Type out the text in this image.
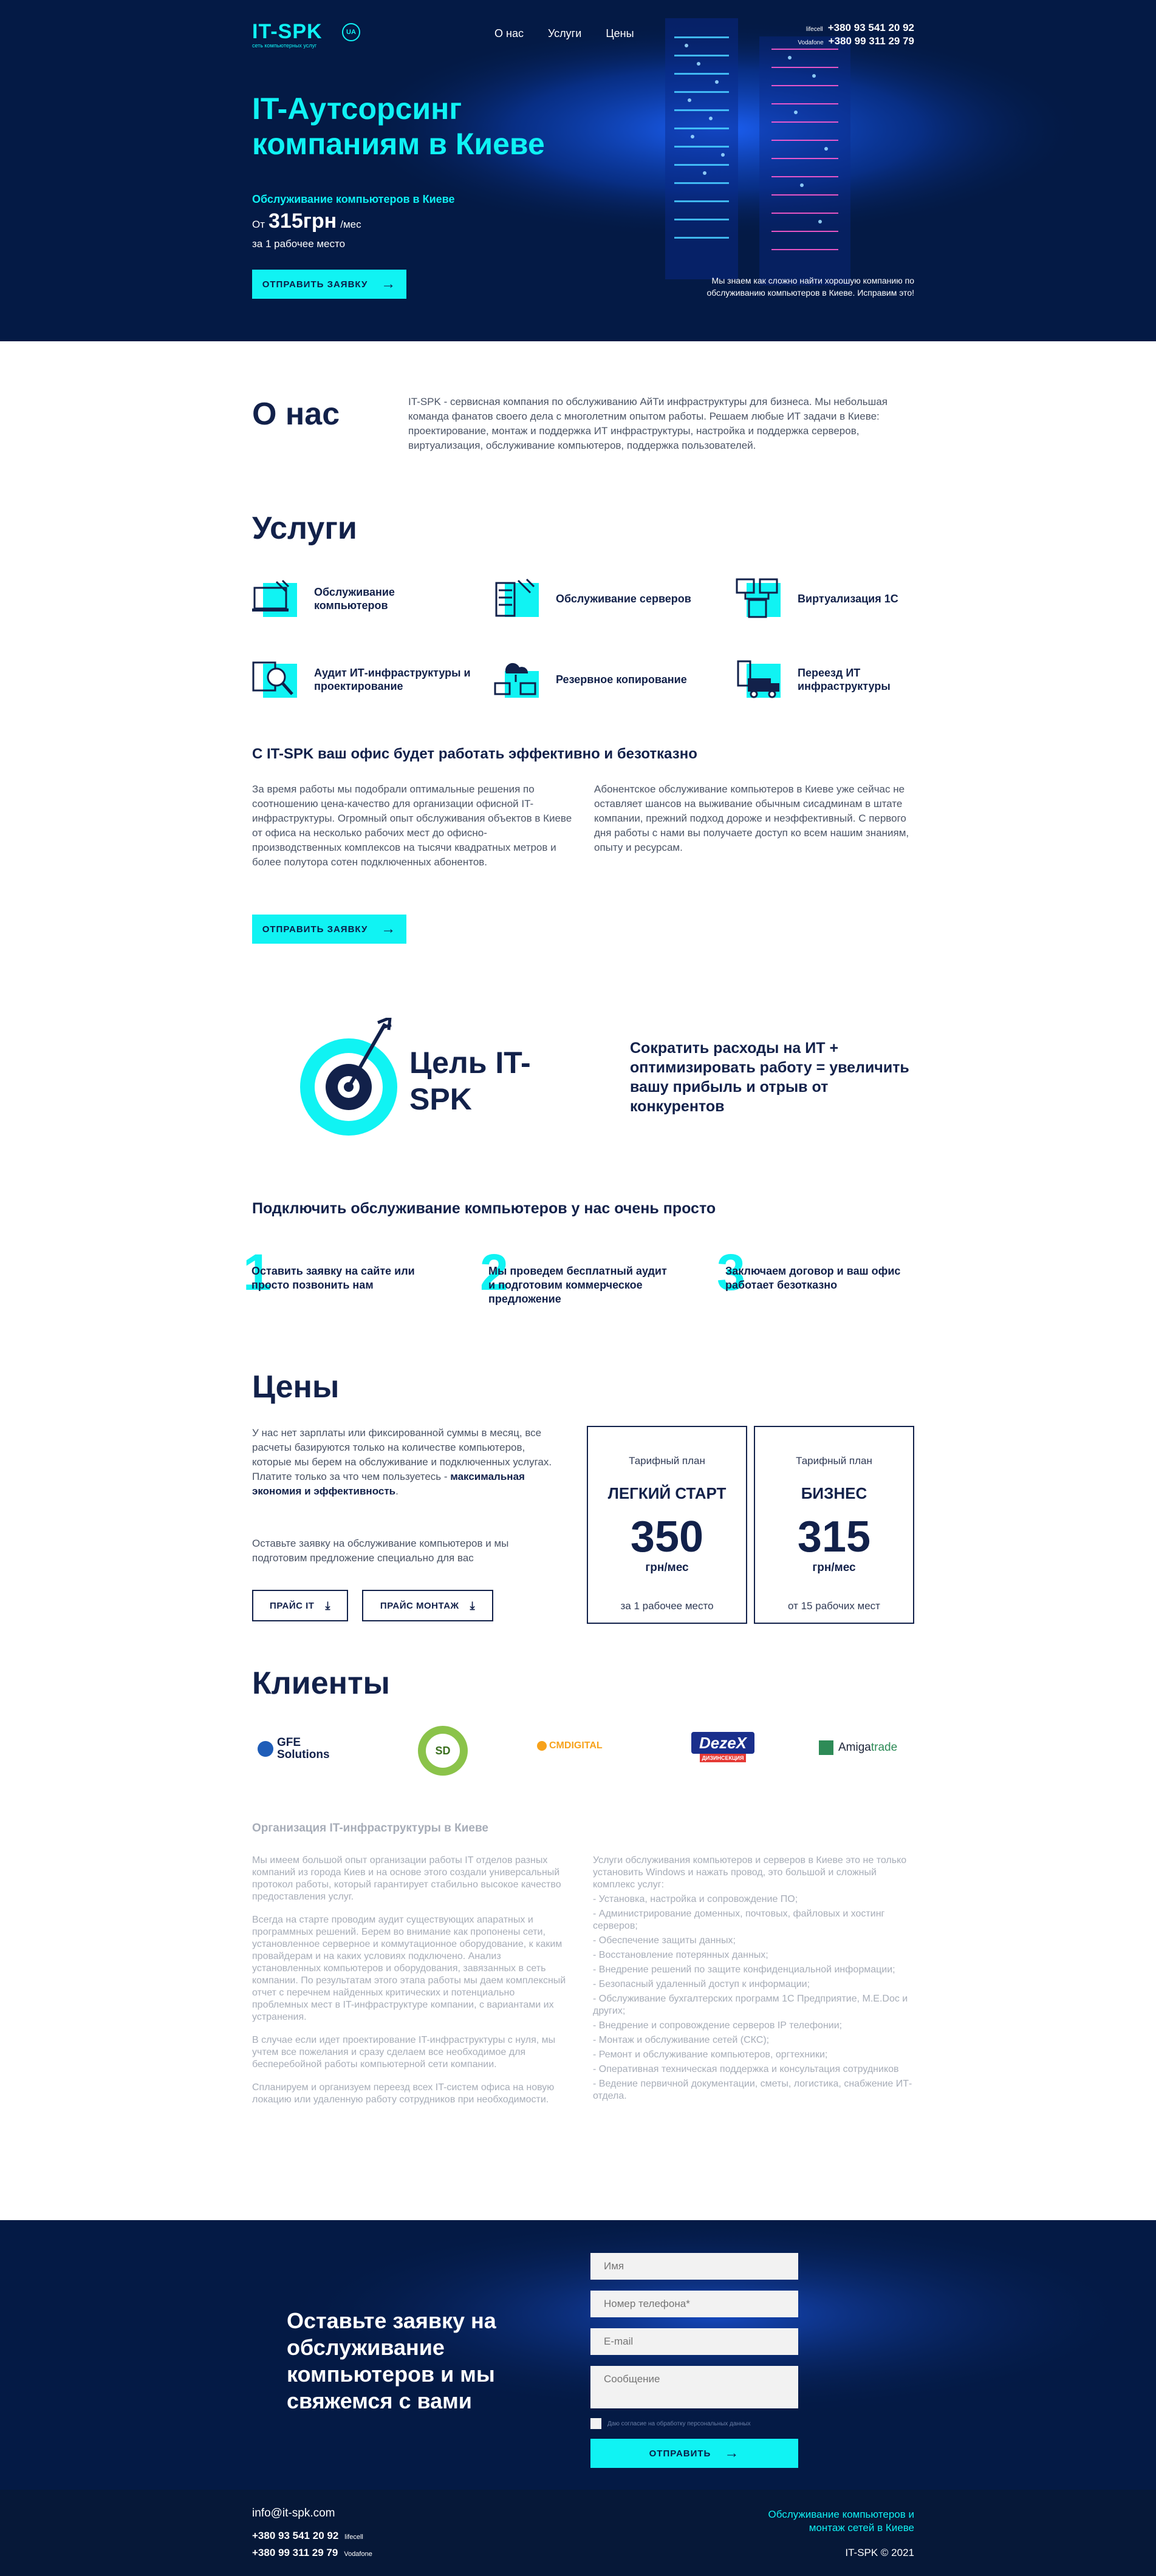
IT-SPK
сеть компьютерных услуг
UA	О нас Услуги Цены	lifecell +380 93 541 20 92
Vodafone +380 99 311 29 79
IT-Аутсорсинг
компаниям в Киеве
Обслуживание компьютеров в Киеве
От 315грн /мес
за 1 рабочее место
ОТПРАВИТЬ ЗАЯВКУ →	Мы знаем как сложно найти хорошую компанию по
обслуживанию компьютеров в Киеве. Исправим это!
О нас	IT-SPK - сервисная компания по обслуживанию АйТи инфраструктуры для бизнеса. Мы небольшая команда фанатов своего дела с многолетним опытом работы. Решаем любые ИТ задачи в Киеве: проектирование, монтаж и поддержка ИТ инфраструктуры, настройка и поддержка серверов, виртуализация, обслуживание компьютеров, поддержка пользователей.

Услуги
Обслуживание компьютеров
Обслуживание серверов	Виртуализация 1С
Аудит ИТ-инфраструктуры и проектирование
Резервное копирование
Переезд ИТ инфраструктуры
С IT-SPK ваш офис будет работать эффективно и безотказно

За время работы мы подобрали оптимальные решения по соотношению цена-качество для организации офисной IT-инфраструктуры. Огромный опыт обслуживания объектов в Киеве от офиса на несколько рабочих мест до офисно-производственных комплексов на тысячи квадратных метров и более полутора сотен подключенных абонентов.

Абонентское обслуживание компьютеров в Киеве уже сейчас не оставляет шансов на выживание обычным сисадминам в штате компании, прежний подход дороже и неэффективный. С первого дня работы с нами вы получаете доступ ко всем нашим знаниям, опыту и ресурсам.

ОТПРАВИТЬ ЗАЯВКУ →
Цель IT-
SPK

Сократить расходы на ИТ + оптимизировать работу = увеличить вашу прибыль и отрыв от конкурентов

Подключить обслуживание компьютеров у нас очень просто
1
Оставить заявку на сайте или просто позвонить нам	2
Мы проведем бесплатный аудит и подготовим коммерческое предложение	3
Заключаем договор и ваш офис работает безотказно
Цены

У нас нет зарплаты или фиксированной суммы в месяц, все расчеты базируются только на количестве компьютеров, которые мы берем на обслуживание и подключенных услугах. Платите только за что чем пользуетесь - максимальная экономия и эффективность.

Оставьте заявку на обслуживание компьютеров и мы подготовим предложение специально для вас

ПРАЙС IT ⤓	ПРАЙС МОНТАЖ ⤓
Тарифный план
ЛЕГКИЙ СТАРТ
350
грн/мес
за 1 рабочее место
Тарифный план
БИЗНЕС
315
грн/мес
от 15 рабочих мест
Клиенты
GFE Solutions	SD	CMDIGITAL	DezeX
ДИЗИНСЕКЦИЯ
Amigatrade
Организация IT-инфраструктуры в Киеве

Мы имеем большой опыт организации работы IT отделов разных компаний из города Киев и на основе этого создали универсальный протокол работы, который гарантирует стабильно высокое качество предоставления услуг.

Всегда на старте проводим аудит существующих апаратных и программных решений. Берем во внимание как пропонены сети, установленное серверное и коммутационное оборудование, к каким провайдерам и на каких условиях подключено. Анализ установленных компьютеров и оборудования, завязанных в сеть компании. По результатам этого этапа работы мы даем комплексный отчет с перечнем найденных критических и потенциально проблемных мест в IT-инфраструктуре компании, с вариантами их устранения.

В случае если идет проектирование IT-инфраструктуры с нуля, мы учтем все пожелания и сразу сделаем все необходимое для бесперебойной работы компьютерной сети компании.

Спланируем и организуем переезд всех IT-систем офиса на новую локацию или удаленную работу сотрудников при необходимости.

Услуги обслуживания компьютеров и серверов в Киеве это не только установить Windows и нажать провод, это большой и сложный комплекс услуг:

- Установка, настройка и сопровождение ПО;

- Администрирование доменных, почтовых, файловых и хостинг серверов;

- Обеспечение защиты данных;

- Восстановление потерянных данных;

- Внедрение решений по защите конфиденциальной информации;

- Безопасный удаленный доступ к информации;

- Обслуживание бухгалтерских программ 1С Предприятие, M.E.Doc и других;

- Внедрение и сопровождение серверов IP телефонии;

- Монтаж и обслуживание сетей (СКС);

- Ремонт и обслуживание компьютеров, оргтехники;

- Оперативная техническая поддержка и консультация сотрудников

- Ведение первичной документации, сметы, логистика, снабжение ИТ-отдела.

Оставьте заявку на обслуживание компьютеров и мы свяжемся с вами
Имя
Номер телефона*
E-mail
Сообщение
Даю согласие на обработку персональных данных
ОТПРАВИТЬ →
info@it-spk.com
+380 93 541 20 92 lifecell
+380 99 311 29 79 Vodafone
Обслуживание компьютеров и
монтаж сетей в Киеве
IT-SPK © 2021
